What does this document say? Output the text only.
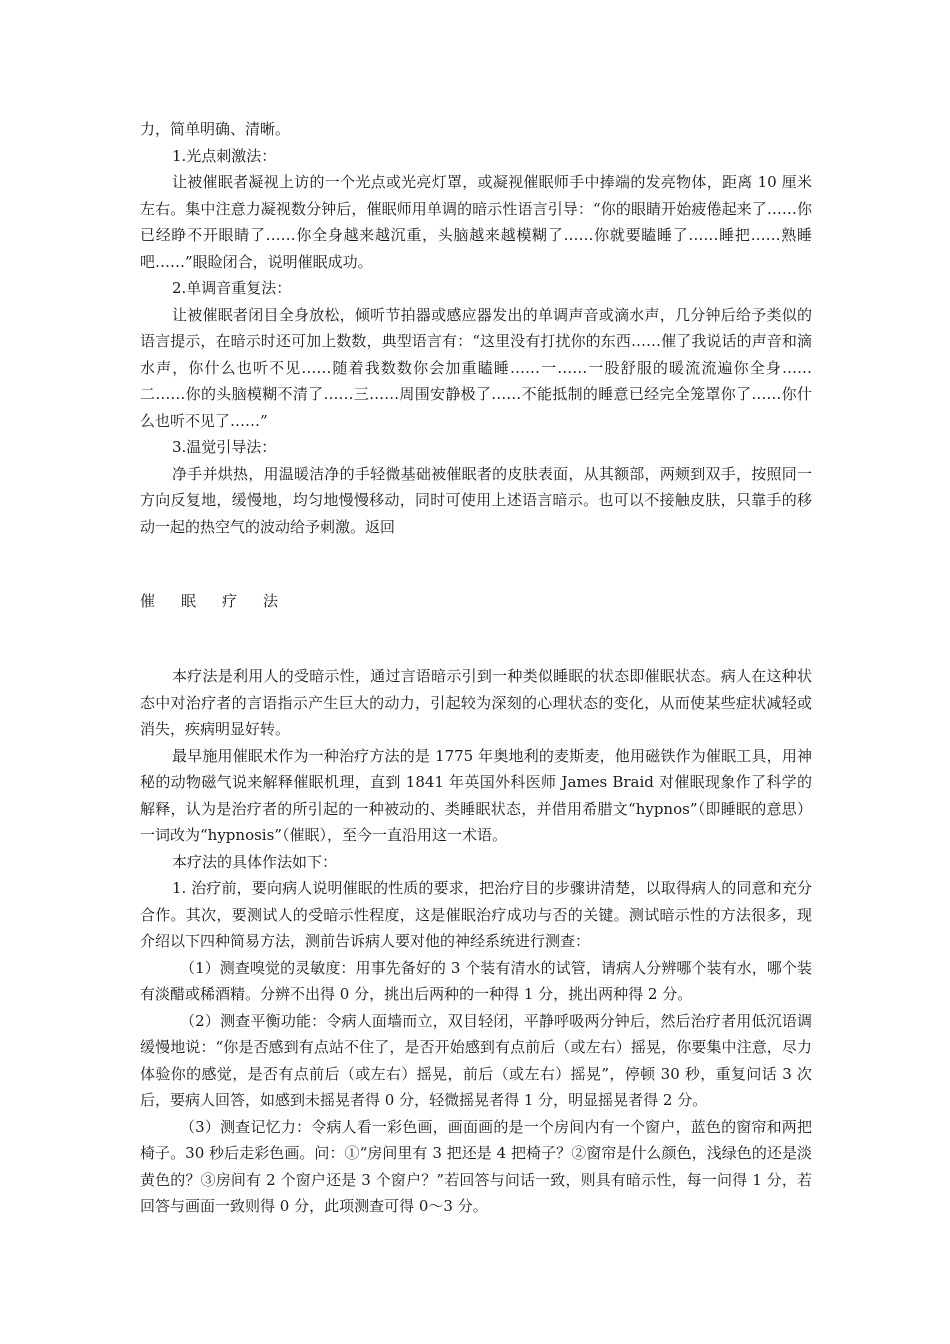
力，简单明确、清晰。

1.光点刺激法：

让被催眠者凝视上访的一个光点或光亮灯罩，或凝视催眠师手中捧端的发亮物体，距离 10 厘米左右。集中注意力凝视数分钟后，催眠师用单调的暗示性语言引导：“你的眼睛开始疲倦起来了……你已经睁不开眼睛了……你全身越来越沉重，头脑越来越模糊了……你就要瞌睡了……睡把……熟睡吧……”眼睑闭合，说明催眠成功。

2.单调音重复法：

让被催眠者闭目全身放松，倾听节拍器或感应器发出的单调声音或滴水声，几分钟后给予类似的语言提示，在暗示时还可加上数数，典型语言有：“这里没有打扰你的东西……催了我说话的声音和滴水声，你什么也听不见……随着我数数你会加重瞌睡……一……一股舒服的暖流流遍你全身……二……你的头脑模糊不清了……三……周围安静极了……不能抵制的睡意已经完全笼罩你了……你什么也听不见了……”

3.温觉引导法：

净手并烘热，用温暖洁净的手轻微基础被催眠者的皮肤表面，从其额部，两颊到双手，按照同一方向反复地，缓慢地，均匀地慢慢移动，同时可使用上述语言暗示。也可以不接触皮肤，只靠手的移动一起的热空气的波动给予刺激。返回

催 眠 疗 法

本疗法是利用人的受暗示性，通过言语暗示引到一种类似睡眠的状态即催眠状态。病人在这种状态中对治疗者的言语指示产生巨大的动力，引起较为深刻的心理状态的变化，从而使某些症状减轻或消失，疾病明显好转。

最早施用催眠术作为一种治疗方法的是 1775 年奥地利的麦斯麦，他用磁铁作为催眠工具，用神秘的动物磁气说来解释催眠机理，直到 1841 年英国外科医师 James Braid 对催眠现象作了科学的解释，认为是治疗者的所引起的一种被动的、类睡眠状态，并借用希腊文“hypnos”（即睡眠的意思）一词改为“hypnosis”（催眠），至今一直沿用这一术语。

本疗法的具体作法如下：

1. 治疗前，要向病人说明催眠的性质的要求，把治疗目的步骤讲清楚，以取得病人的同意和充分合作。其次，要测试人的受暗示性程度，这是催眠治疗成功与否的关键。测试暗示性的方法很多，现介绍以下四种简易方法，测前告诉病人要对他的神经系统进行测查：

（1）测查嗅觉的灵敏度：用事先备好的 3 个装有清水的试管，请病人分辨哪个装有水，哪个装有淡醋或稀酒精。分辨不出得 0 分，挑出后两种的一种得 1 分，挑出两种得 2 分。

（2）测查平衡功能：令病人面墙而立，双目轻闭，平静呼吸两分钟后，然后治疗者用低沉语调缓慢地说：“你是否感到有点站不住了，是否开始感到有点前后（或左右）摇晃，你要集中注意，尽力体验你的感觉，是否有点前后（或左右）摇晃，前后（或左右）摇晃”，停顿 30 秒，重复问话 3 次后，要病人回答，如感到未摇晃者得 0 分，轻微摇晃者得 1 分，明显摇晃者得 2 分。

（3）测查记忆力：令病人看一彩色画，画面画的是一个房间内有一个窗户，蓝色的窗帘和两把椅子。30 秒后走彩色画。问：①“房间里有 3 把还是 4 把椅子？②窗帘是什么颜色，浅绿色的还是淡黄色的？③房间有 2 个窗户还是 3 个窗户？”若回答与问话一致，则具有暗示性，每一问得 1 分，若回答与画面一致则得 0 分，此项测查可得 0～3 分。
